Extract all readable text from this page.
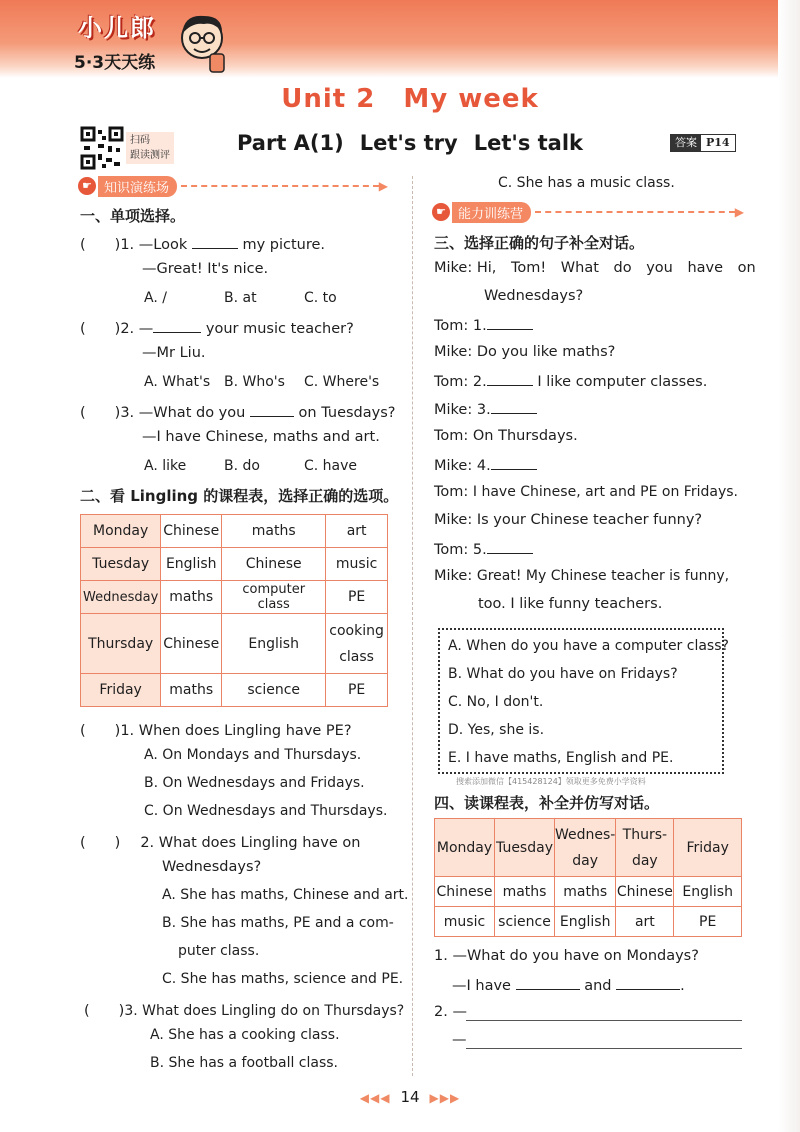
小儿郎
5·3天天练
Unit 2 My week
扫码
跟读测评
Part A(1) Let's try Let's talk	答案 P14
☛ 知识演练场	▶
一、单项选择。
(　　)1. —Look	my picture.
—Great! It's nice.
A. /	B. at	C. to
(　　)2. —	your music teacher?
—Mr Liu.
A. What's B. Who's C. Where's
(　　)3. —What do you	on Tuesdays?
—I have Chinese, maths and art.
A. like	B. do	C. have
二、看 Lingling 的课程表，选择正确的选项。
Monday	Chinese	maths	art
Tuesday	English	Chinese	music
Wednesday	maths	computer class	PE
Thursday	Chinese	English	cooking class
Friday	maths	science	PE
(　　)1. When does Lingling have PE?
A. On Mondays and Thursdays.
B. On Wednesdays and Fridays.
C. On Wednesdays and Thursdays.
(　　) 2. What does Lingling have on
Wednesdays?
A. She has maths, Chinese and art.
B. She has maths, PE and a com-
puter class.
C. She has maths, science and PE.
(　　)3. What does Lingling do on Thursdays?
A. She has a cooking class.
B. She has a football class.
C. She has a music class.
☛ 能力训练营	▶
三、选择正确的句子补全对话。
Mike: Hi, Tom! What do you have on
Wednesdays?
Tom: 1.
Mike: Do you like maths?
Tom: 2.	I like computer classes.
Mike: 3.
Tom: On Thursdays.
Mike: 4.
Tom: I have Chinese, art and PE on Fridays.
Mike: Is your Chinese teacher funny?
Tom: 5.
Mike: Great! My Chinese teacher is funny,
too. I like funny teachers.
A. When do you have a computer class?
B. What do you have on Fridays?
C. No, I don't.
D. Yes, she is.
E. I have maths, English and PE.
搜索添加微信【415428124】领取更多免费小学资料
四、读课程表，补全并仿写对话。
Monday	Tuesday	Wednes-day	Thurs-day	Friday
Chinese	maths	maths	Chinese	English
music	science	English	art	PE
1. —What do you have on Mondays?
—I have	and	.
2. —
—
◀◀◀ 14 ▶▶▶
